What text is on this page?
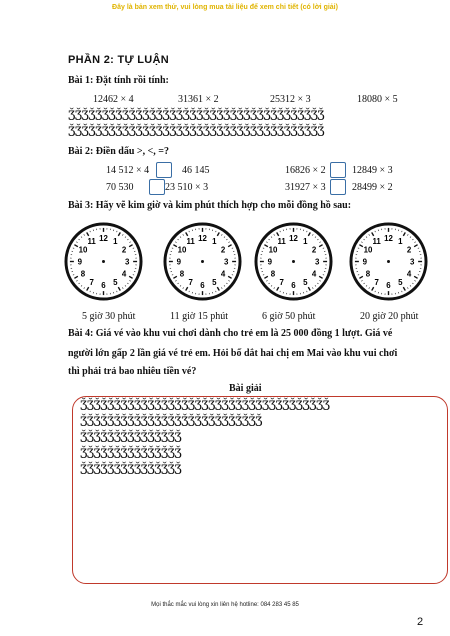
Đây là bản xem thử, vui lòng mua tài liệu để xem chi tiết (có lời giải)
PHẦN 2: TỰ LUẬN
Bài 1: Đặt tính rồi tính:
12462 × 4	31361 × 2	25312 × 3	18080 × 5
ǮǮǮǮǮǮǮǮǮǮǮǮǮǮǮǮǮǮǮǮǮǮǮǮǮǮǮǮǮǮǮǮǮǮǮǮǮǮ
ǮǮǮǮǮǮǮǮǮǮǮǮǮǮǮǮǮǮǮǮǮǮǮǮǮǮǮǮǮǮǮǮǮǮǮǮǮǮ
Bài 2: Điền dấu >, <, =?
14 512 × 4	46 145	16826 × 2	12849 × 3
70 530	23 510 × 3	31927 × 3	28499 × 2
Bài 3: Hãy vẽ kim giờ và kim phút thích hợp cho mỗi đồng hồ sau:
12 1
2
3
4
5
6
7
8
9
10
11	12 1
2
3
4
5
6
7
8
9
10
11	12 1
2
3
4
5
6
7
8
9
10
11	12 1
2
3
4
5
6
7
8
9
10
11
5 giờ 30 phút	11 giờ 15 phút	6 giờ 50 phút	20 giờ 20 phút
Bài 4: Giá vé vào khu vui chơi dành cho trẻ em là 25 000 đồng 1 lượt. Giá vé
người lớn gấp 2 lần giá vé trẻ em. Hỏi bố dắt hai chị em Mai vào khu vui chơi
thì phải trả bao nhiêu tiền vé?
Bài giải
ǮǮǮǮǮǮǮǮǮǮǮǮǮǮǮǮǮǮǮǮǮǮǮǮǮǮǮǮǮǮǮǮǮǮǮǮǮ
ǮǮǮǮǮǮǮǮǮǮǮǮǮǮǮǮǮǮǮǮǮǮǮǮǮǮǮ
ǮǮǮǮǮǮǮǮǮǮǮǮǮǮǮ
ǮǮǮǮǮǮǮǮǮǮǮǮǮǮǮ
ǮǮǮǮǮǮǮǮǮǮǮǮǮǮǮ
Mọi thắc mắc vui lòng xin liên hệ hotline: 084 283 45 85
2
